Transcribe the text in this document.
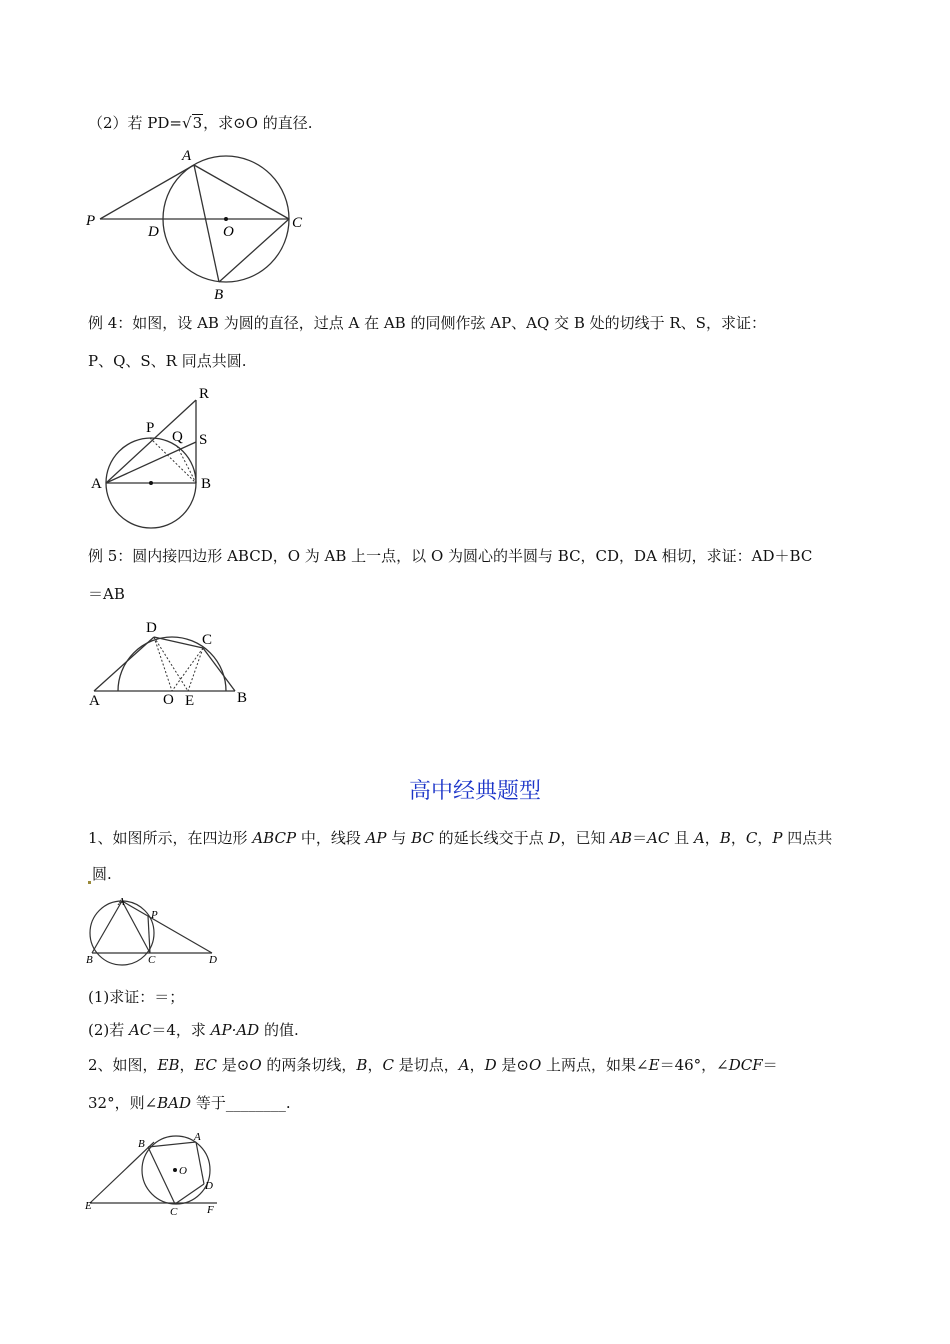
（2）若 PD=√3，求⊙O 的直径.
A
P
D	O
C
B
例 4：如图，设 AB 为圆的直径，过点 A 在 AB 的同侧作弦 AP、AQ 交 B 处的切线于 R、S，求证：
P、Q、S、R 同点共圆.
R
P
Q S
A	B
例 5：圆内接四边形 ABCD，O 为 AB 上一点，以 O 为圆心的半圆与 BC，CD，DA 相切，求证：AD＋BC
＝AB
D
C
A	O E	B
高中经典题型
1、如图所示，在四边形 ABCP 中，线段 AP 与 BC 的延长线交于点 D，已知 AB＝AC 且 A，B，C，P 四点共
圆.
A
P
B	C	D
(1)求证：＝；
(2)若 AC＝4，求 AP·AD 的值.
2、如图，EB，EC 是⊙O 的两条切线，B，C 是切点，A，D 是⊙O 上两点，如果∠E＝46°，∠DCF＝
32°，则∠BAD 等于________.
B
A
O
D
E	C	F
